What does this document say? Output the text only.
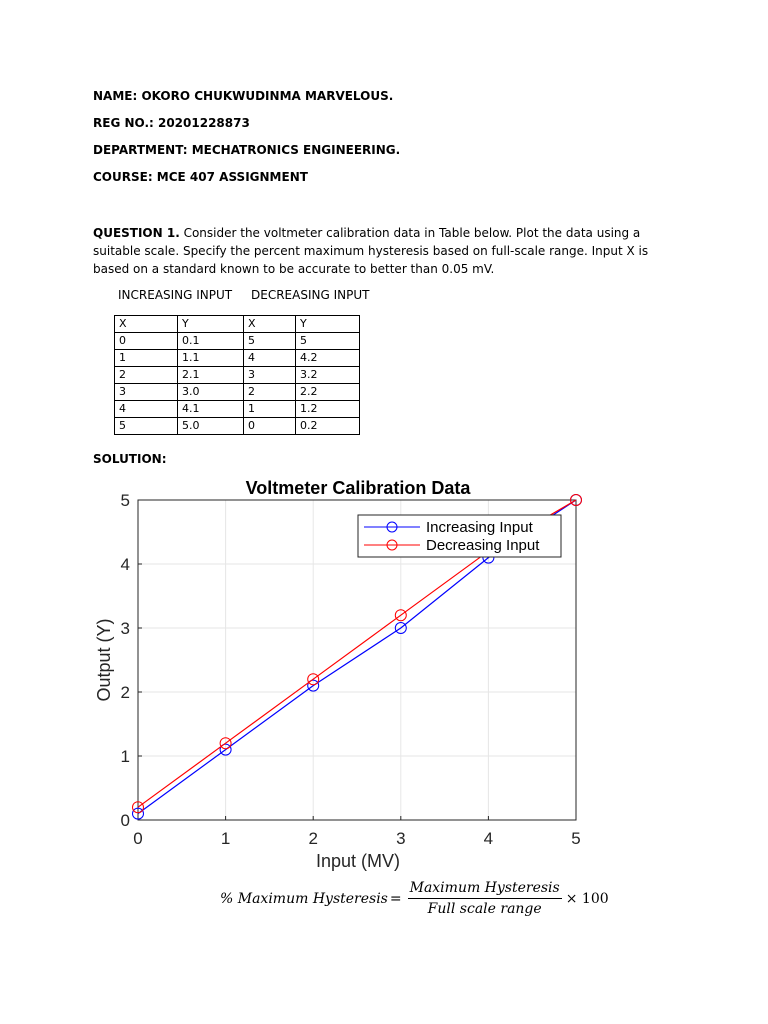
NAME: OKORO CHUKWUDINMA MARVELOUS.
REG NO.: 20201228873
DEPARTMENT: MECHATRONICS ENGINEERING.
COURSE: MCE 407 ASSIGNMENT
QUESTION 1. Consider the voltmeter calibration data in Table below. Plot the data using a suitable scale. Specify the percent maximum hysteresis based on full-scale range. Input X is based on a standard known to be accurate to better than 0.05 mV.
INCREASING INPUT DECREASING INPUT
X	Y	X	Y
0	0.1	5	5
1	1.1	4	4.2
2	2.1	3	3.2
3	3.0	2	2.2
4	4.1	1	1.2
5	5.0	0	0.2
SOLUTION:
0	1	2	3	4	5
0
1
2
3
4
5
Voltmeter Calibration Data
Input (MV)
Output (Y)
Increasing Input
Decreasing Input
% Maximum Hysteresis = $\frac{\text{Maximum Hysteresis}}{\text{Full scale range}} \times 100$
